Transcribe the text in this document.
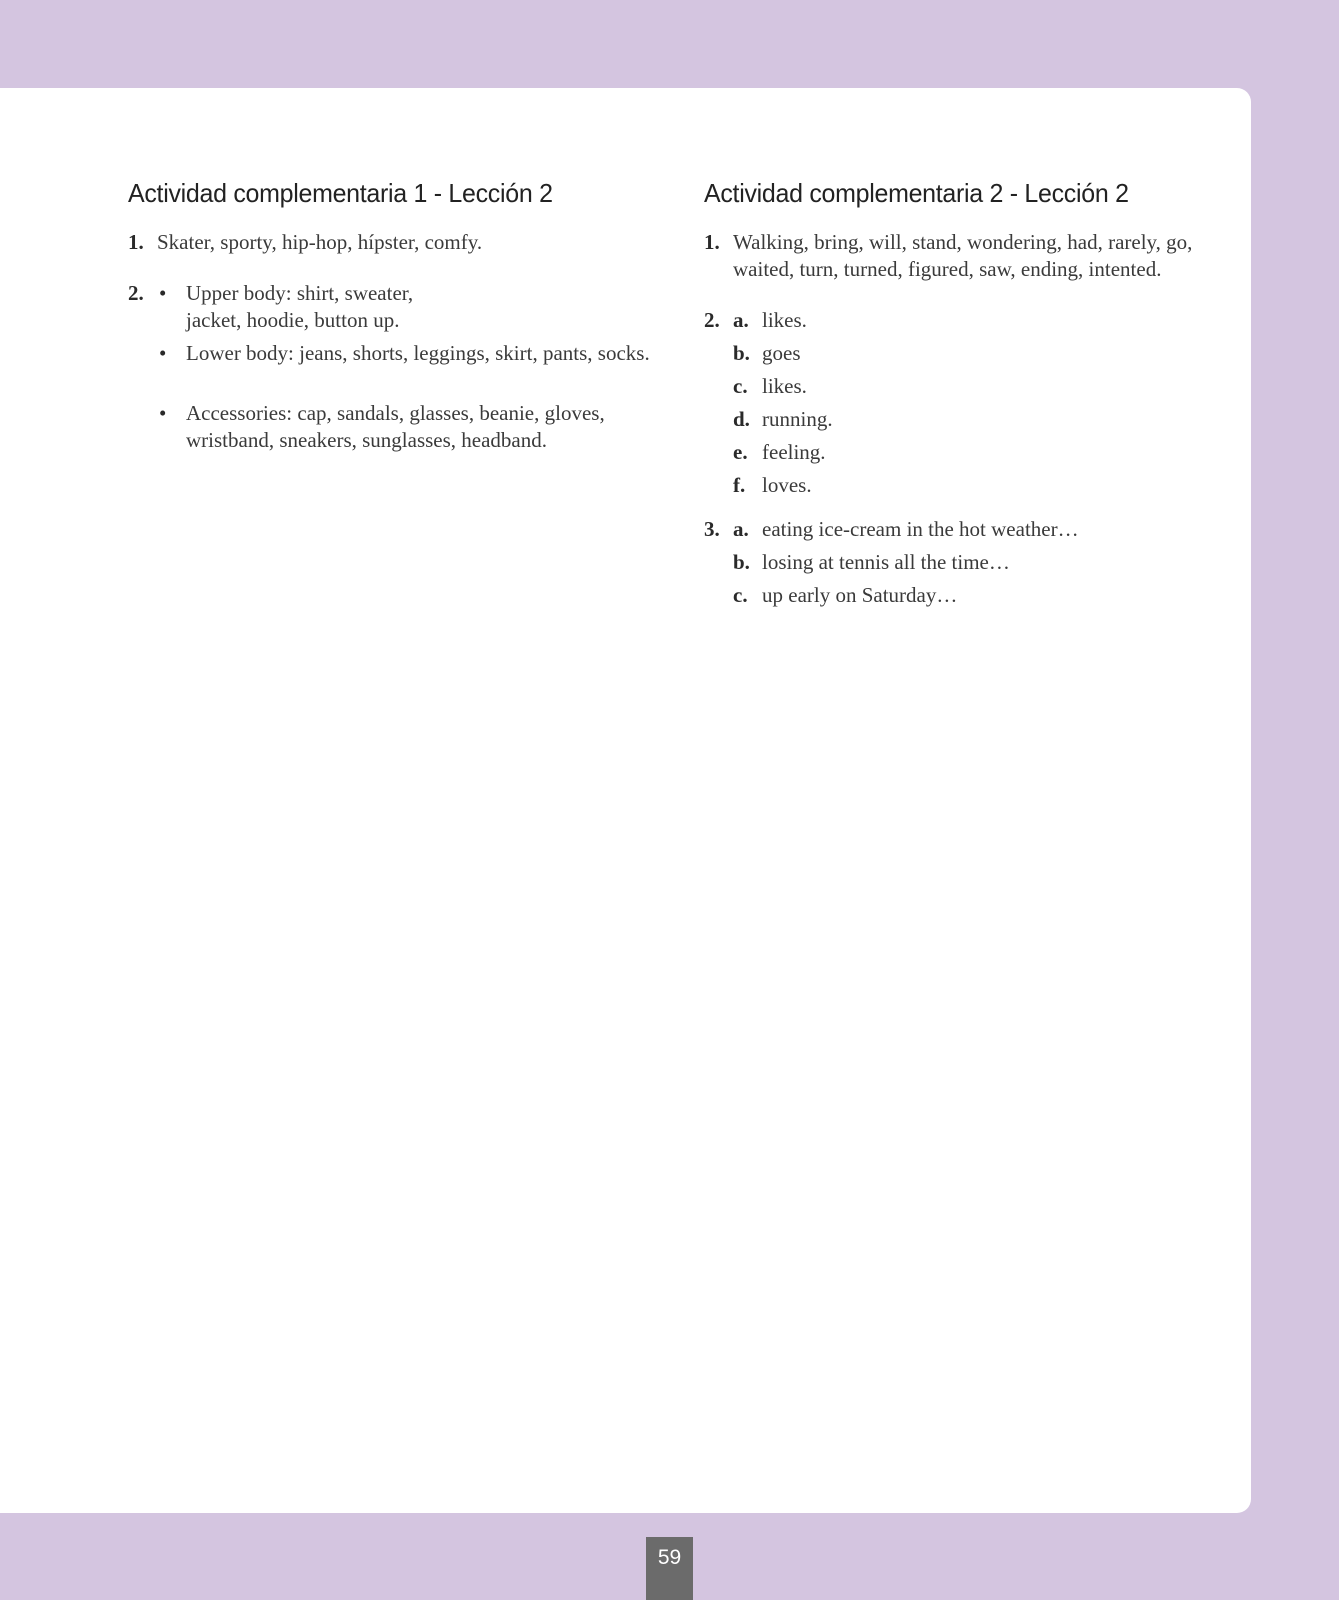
Actividad complementaria 1 - Lección 2
1. Skater, sporty, hip-hop, hípster, comfy.
2. • Upper body: shirt, sweater, jacket, hoodie, button up.
• Lower body: jeans, shorts, leggings, skirt, pants, socks.
• Accessories: cap, sandals, glasses, beanie, gloves, wristband, sneakers, sunglasses, headband.
Actividad complementaria 2 - Lección 2
1. Walking, bring, will, stand, wondering, had, rarely, go, waited, turn, turned, figured, saw, ending, intented.
2. a. likes.
b. goes
c. likes.
d. running.
e. feeling.
f. loves.
3. a. eating ice-cream in the hot weather…
b. losing at tennis all the time…
c. up early on Saturday…
59
